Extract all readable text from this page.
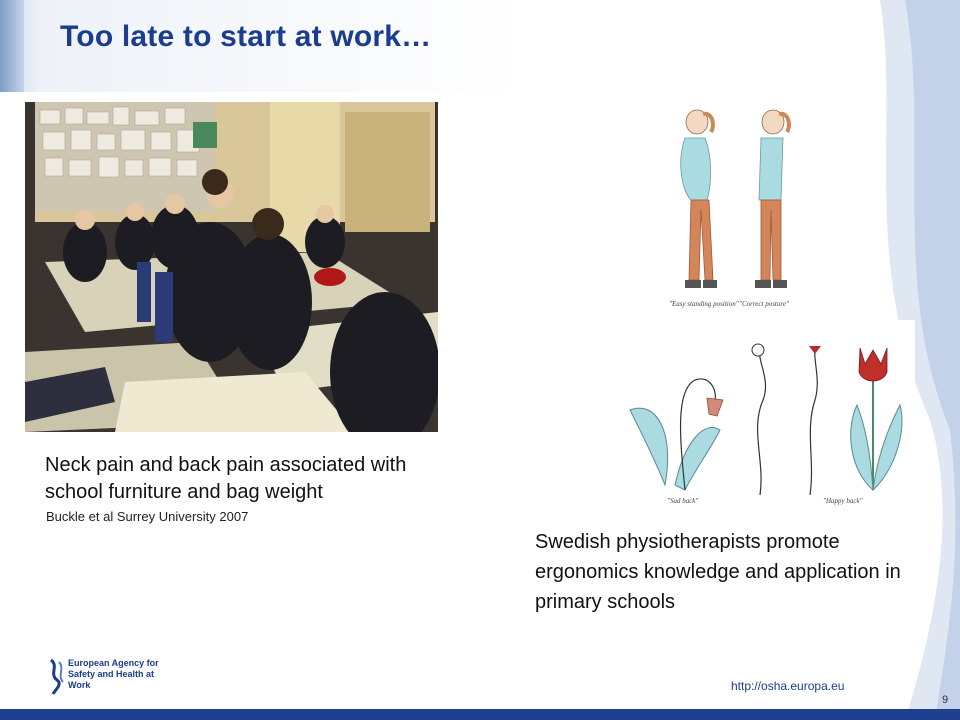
Too late to start at work…
Neck pain and back pain associated with school furniture and bag weight
Buckle et al Surrey University 2007
"Easy standing position" "Correct posture"
"Sad back"	"Happy back"
Swedish physiotherapists promote ergonomics knowledge and application in primary schools
European Agency for Safety and Health at Work	http://osha.europa.eu
9
